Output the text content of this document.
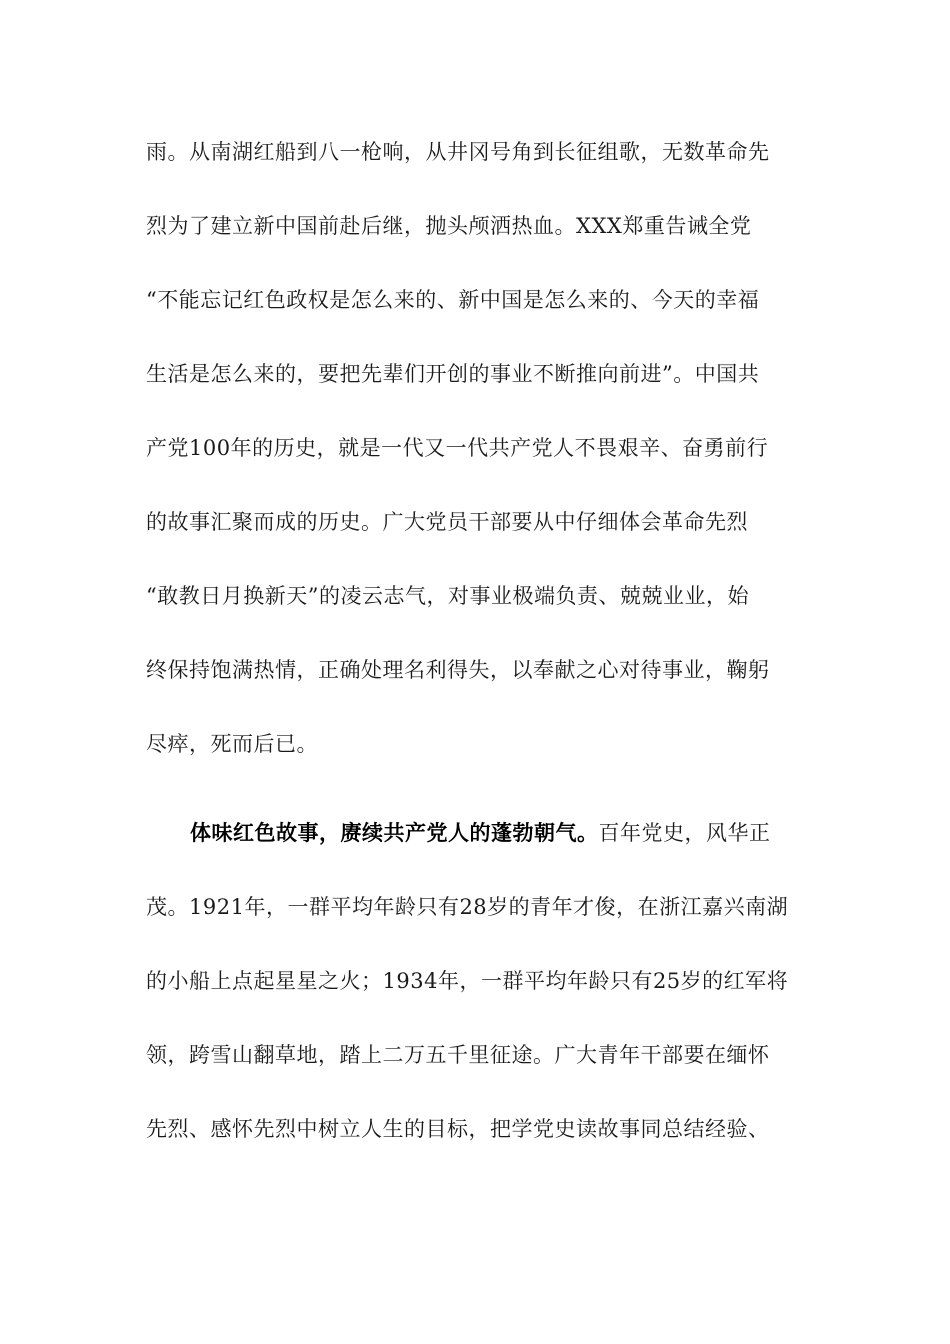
雨。从南湖红船到八一枪响，从井冈号角到长征组歌，无数革命先
烈为了建立新中国前赴后继，抛头颅洒热血。XXX郑重告诫全党
“不能忘记红色政权是怎么来的、新中国是怎么来的、今天的幸福
生活是怎么来的，要把先辈们开创的事业不断推向前进”。中国共
产党100年的历史，就是一代又一代共产党人不畏艰辛、奋勇前行
的故事汇聚而成的历史。广大党员干部要从中仔细体会革命先烈
“敢教日月换新天”的凌云志气，对事业极端负责、兢兢业业，始
终保持饱满热情，正确处理名利得失，以奉献之心对待事业，鞠躬
尽瘁，死而后已。
体味红色故事，赓续共产党人的蓬勃朝气。百年党史，风华正
茂。1921年，一群平均年龄只有28岁的青年才俊，在浙江嘉兴南湖
的小船上点起星星之火；1934年，一群平均年龄只有25岁的红军将
领，跨雪山翻草地，踏上二万五千里征途。广大青年干部要在缅怀
先烈、感怀先烈中树立人生的目标，把学党史读故事同总结经验、
